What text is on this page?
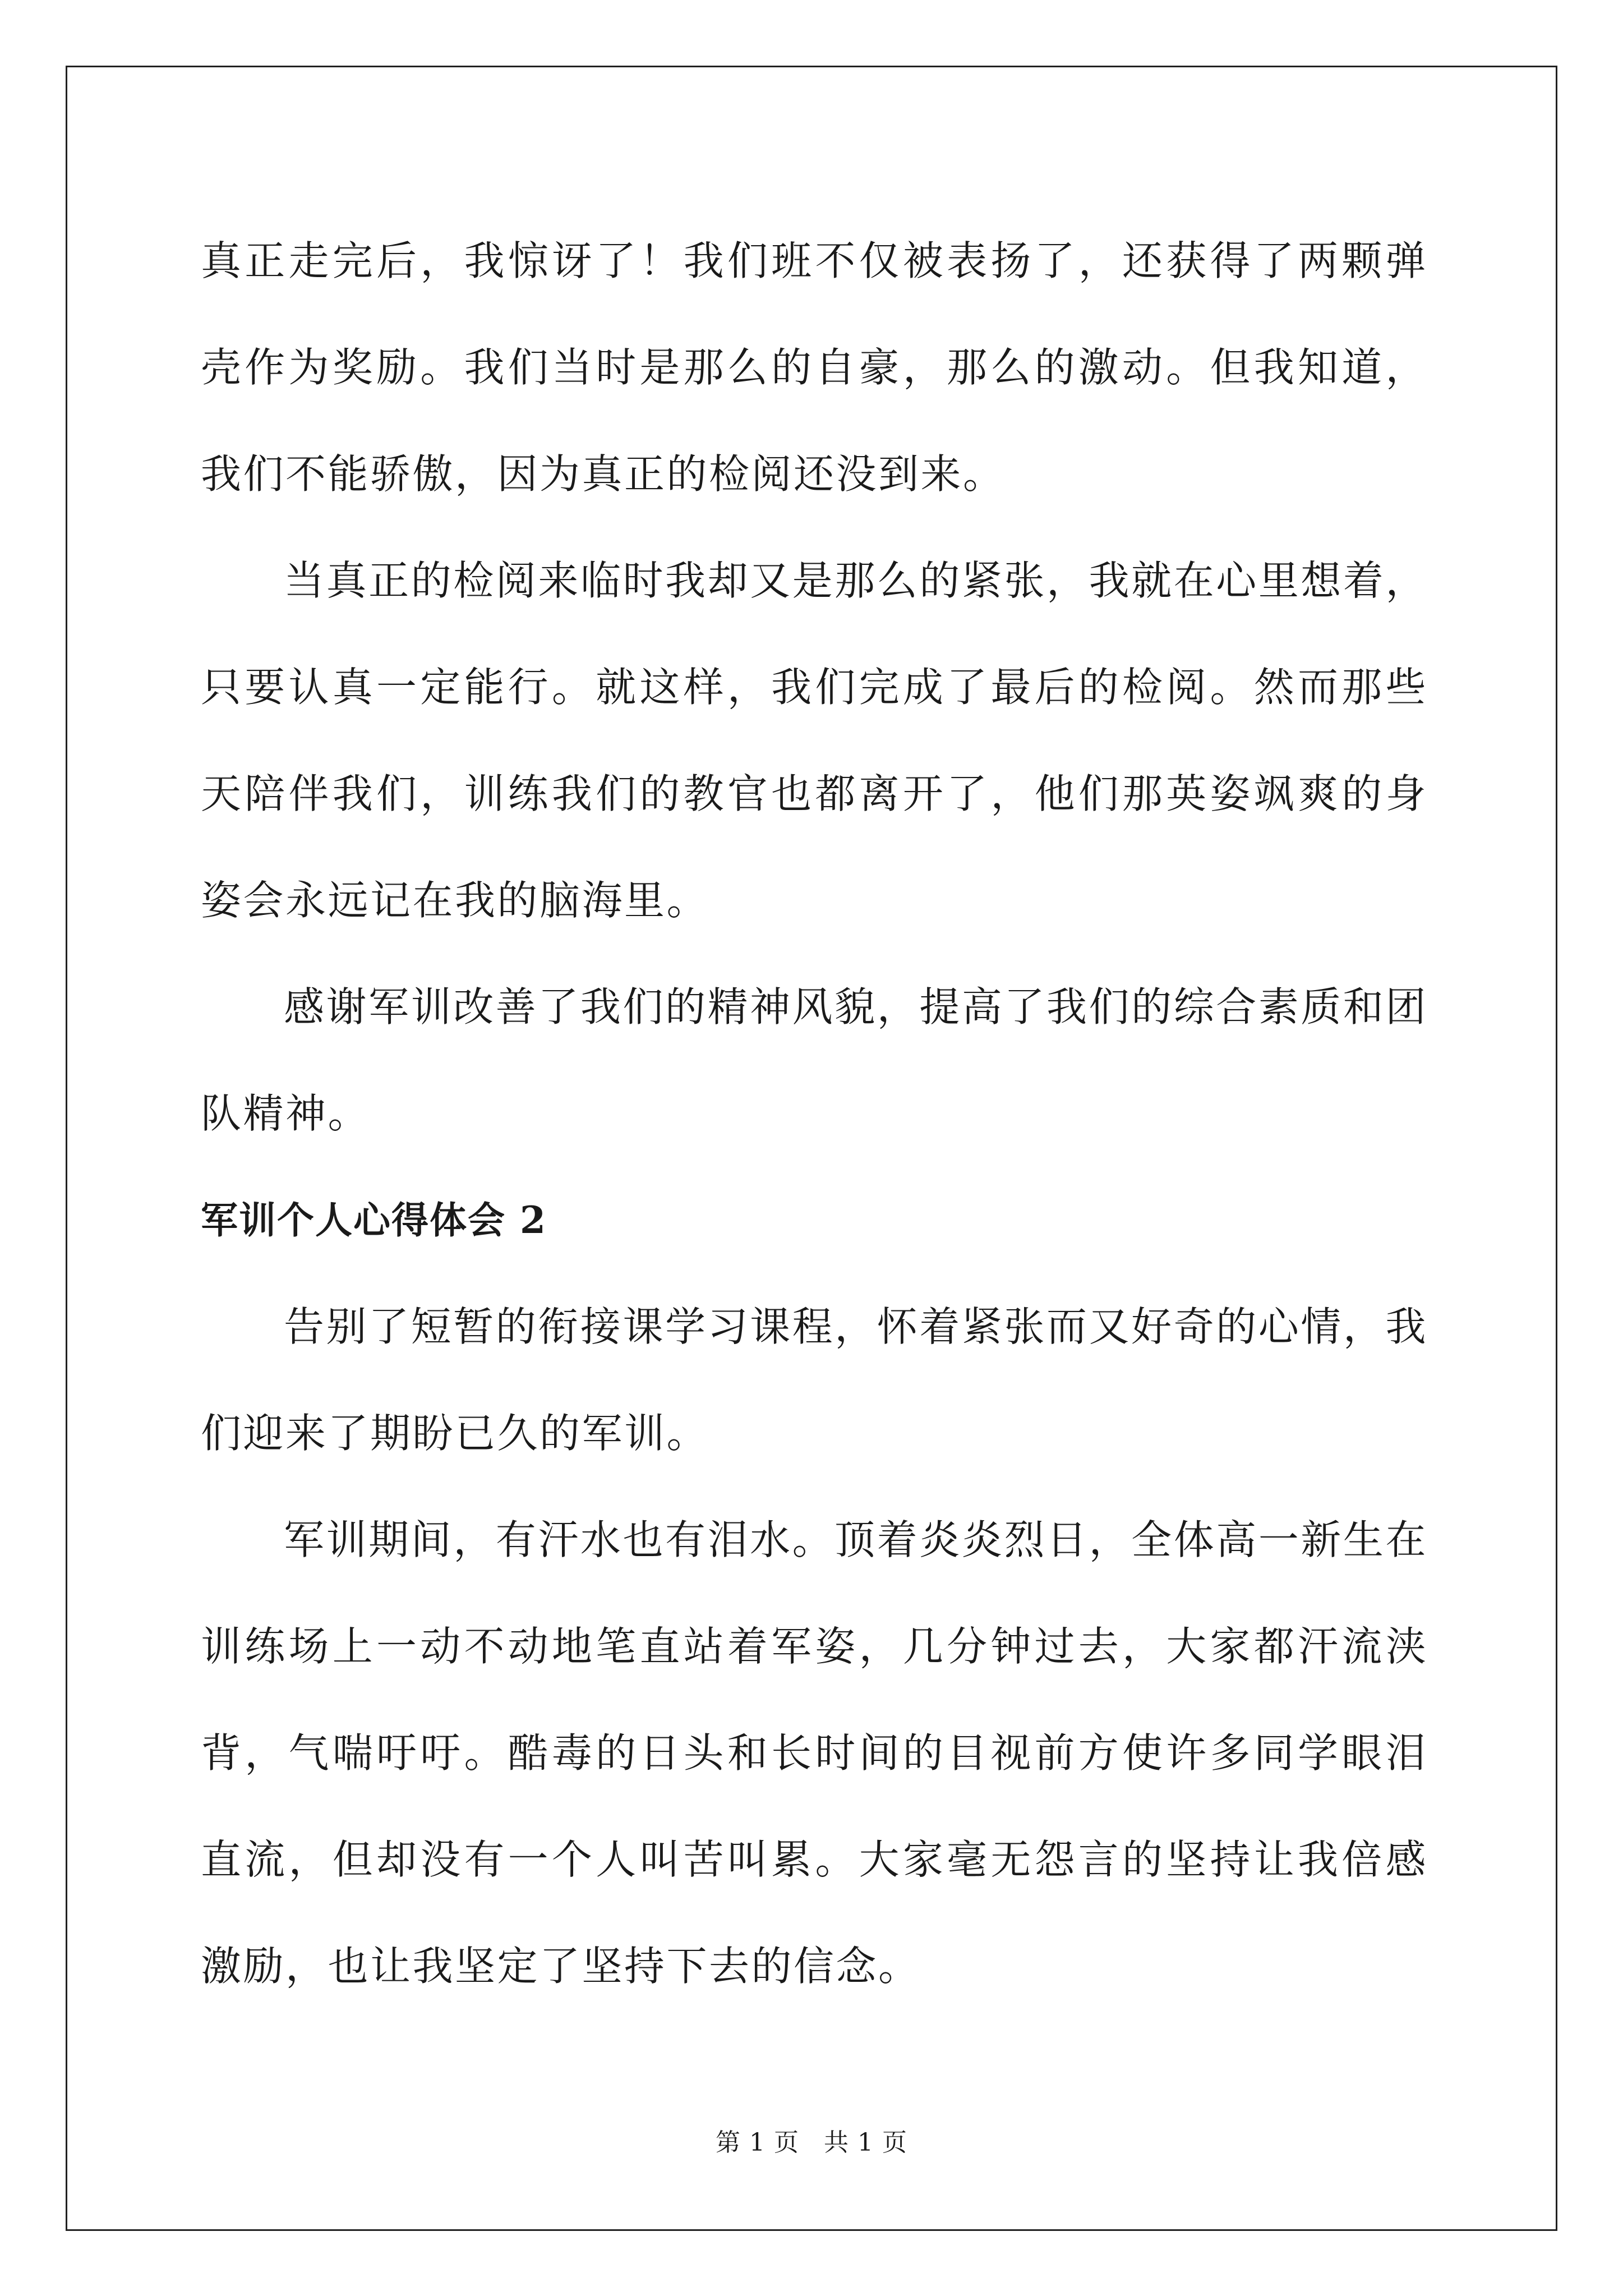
真正走完后，我惊讶了！我们班不仅被表扬了，还获得了两颗弹壳作为奖励。我们当时是那么的自豪，那么的激动。但我知道，我们不能骄傲，因为真正的检阅还没到来。

当真正的检阅来临时我却又是那么的紧张，我就在心里想着，只要认真一定能行。就这样，我们完成了最后的检阅。然而那些天陪伴我们，训练我们的教官也都离开了，他们那英姿飒爽的身姿会永远记在我的脑海里。

感谢军训改善了我们的精神风貌，提高了我们的综合素质和团队精神。

军训个人心得体会 2

告别了短暂的衔接课学习课程，怀着紧张而又好奇的心情，我们迎来了期盼已久的军训。

军训期间，有汗水也有泪水。顶着炎炎烈日，全体高一新生在训练场上一动不动地笔直站着军姿，几分钟过去，大家都汗流浃背，气喘吁吁。酷毒的日头和长时间的目视前方使许多同学眼泪直流，但却没有一个人叫苦叫累。大家毫无怨言的坚持让我倍感激励，也让我坚定了坚持下去的信念。

第 1 页 共 1 页
